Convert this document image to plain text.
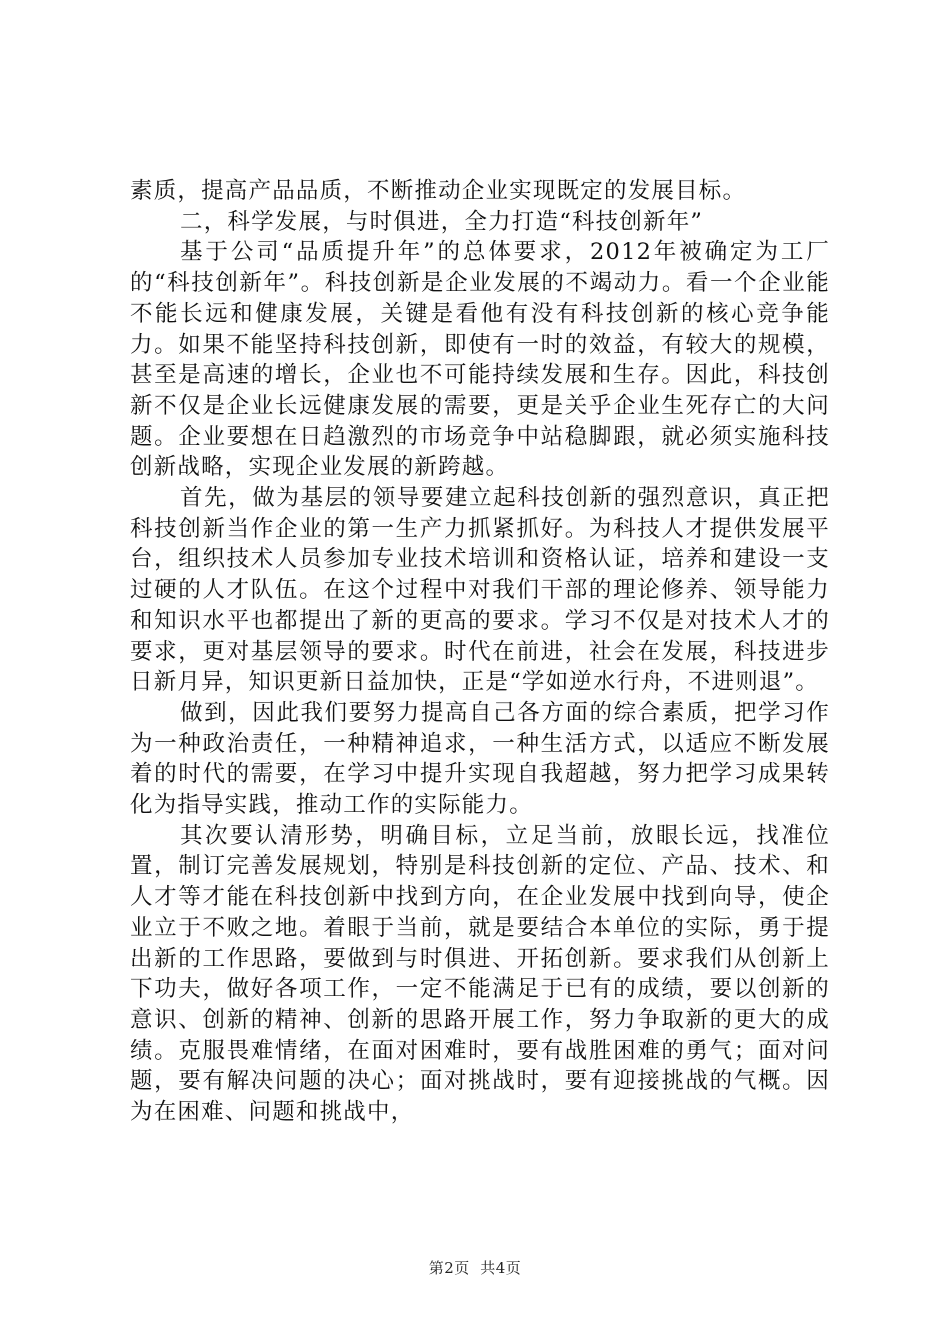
素质，提高产品品质，不断推动企业实现既定的发展目标。

二，科学发展，与时俱进，全力打造“科技创新年”

基于公司“品质提升年”的总体要求，2012年被确定为工厂的“科技创新年”。科技创新是企业发展的不竭动力。看一个企业能不能长远和健康发展，关键是看他有没有科技创新的核心竞争能力。如果不能坚持科技创新，即使有一时的效益，有较大的规模，甚至是高速的增长，企业也不可能持续发展和生存。因此，科技创新不仅是企业长远健康发展的需要，更是关乎企业生死存亡的大问题。企业要想在日趋激烈的市场竞争中站稳脚跟，就必须实施科技创新战略，实现企业发展的新跨越。

首先，做为基层的领导要建立起科技创新的强烈意识，真正把科技创新当作企业的第一生产力抓紧抓好。为科技人才提供发展平台，组织技术人员参加专业技术培训和资格认证，培养和建设一支过硬的人才队伍。在这个过程中对我们干部的理论修养、领导能力和知识水平也都提出了新的更高的要求。学习不仅是对技术人才的要求，更对基层领导的要求。时代在前进，社会在发展，科技进步日新月异，知识更新日益加快，正是“学如逆水行舟，不进则退”。

做到，因此我们要努力提高自己各方面的综合素质，把学习作为一种政治责任，一种精神追求，一种生活方式，以适应不断发展着的时代的需要，在学习中提升实现自我超越，努力把学习成果转化为指导实践，推动工作的实际能力。

其次要认清形势，明确目标，立足当前，放眼长远，找准位置，制订完善发展规划，特别是科技创新的定位、产品、技术、和人才等才能在科技创新中找到方向，在企业发展中找到向导，使企业立于不败之地。着眼于当前，就是要结合本单位的实际，勇于提出新的工作思路，要做到与时俱进、开拓创新。要求我们从创新上下功夫，做好各项工作，一定不能满足于已有的成绩，要以创新的意识、创新的精神、创新的思路开展工作，努力争取新的更大的成绩。克服畏难情绪，在面对困难时，要有战胜困难的勇气；面对问题，要有解决问题的决心；面对挑战时，要有迎接挑战的气概。因为在困难、问题和挑战中，

第2页  共4页
